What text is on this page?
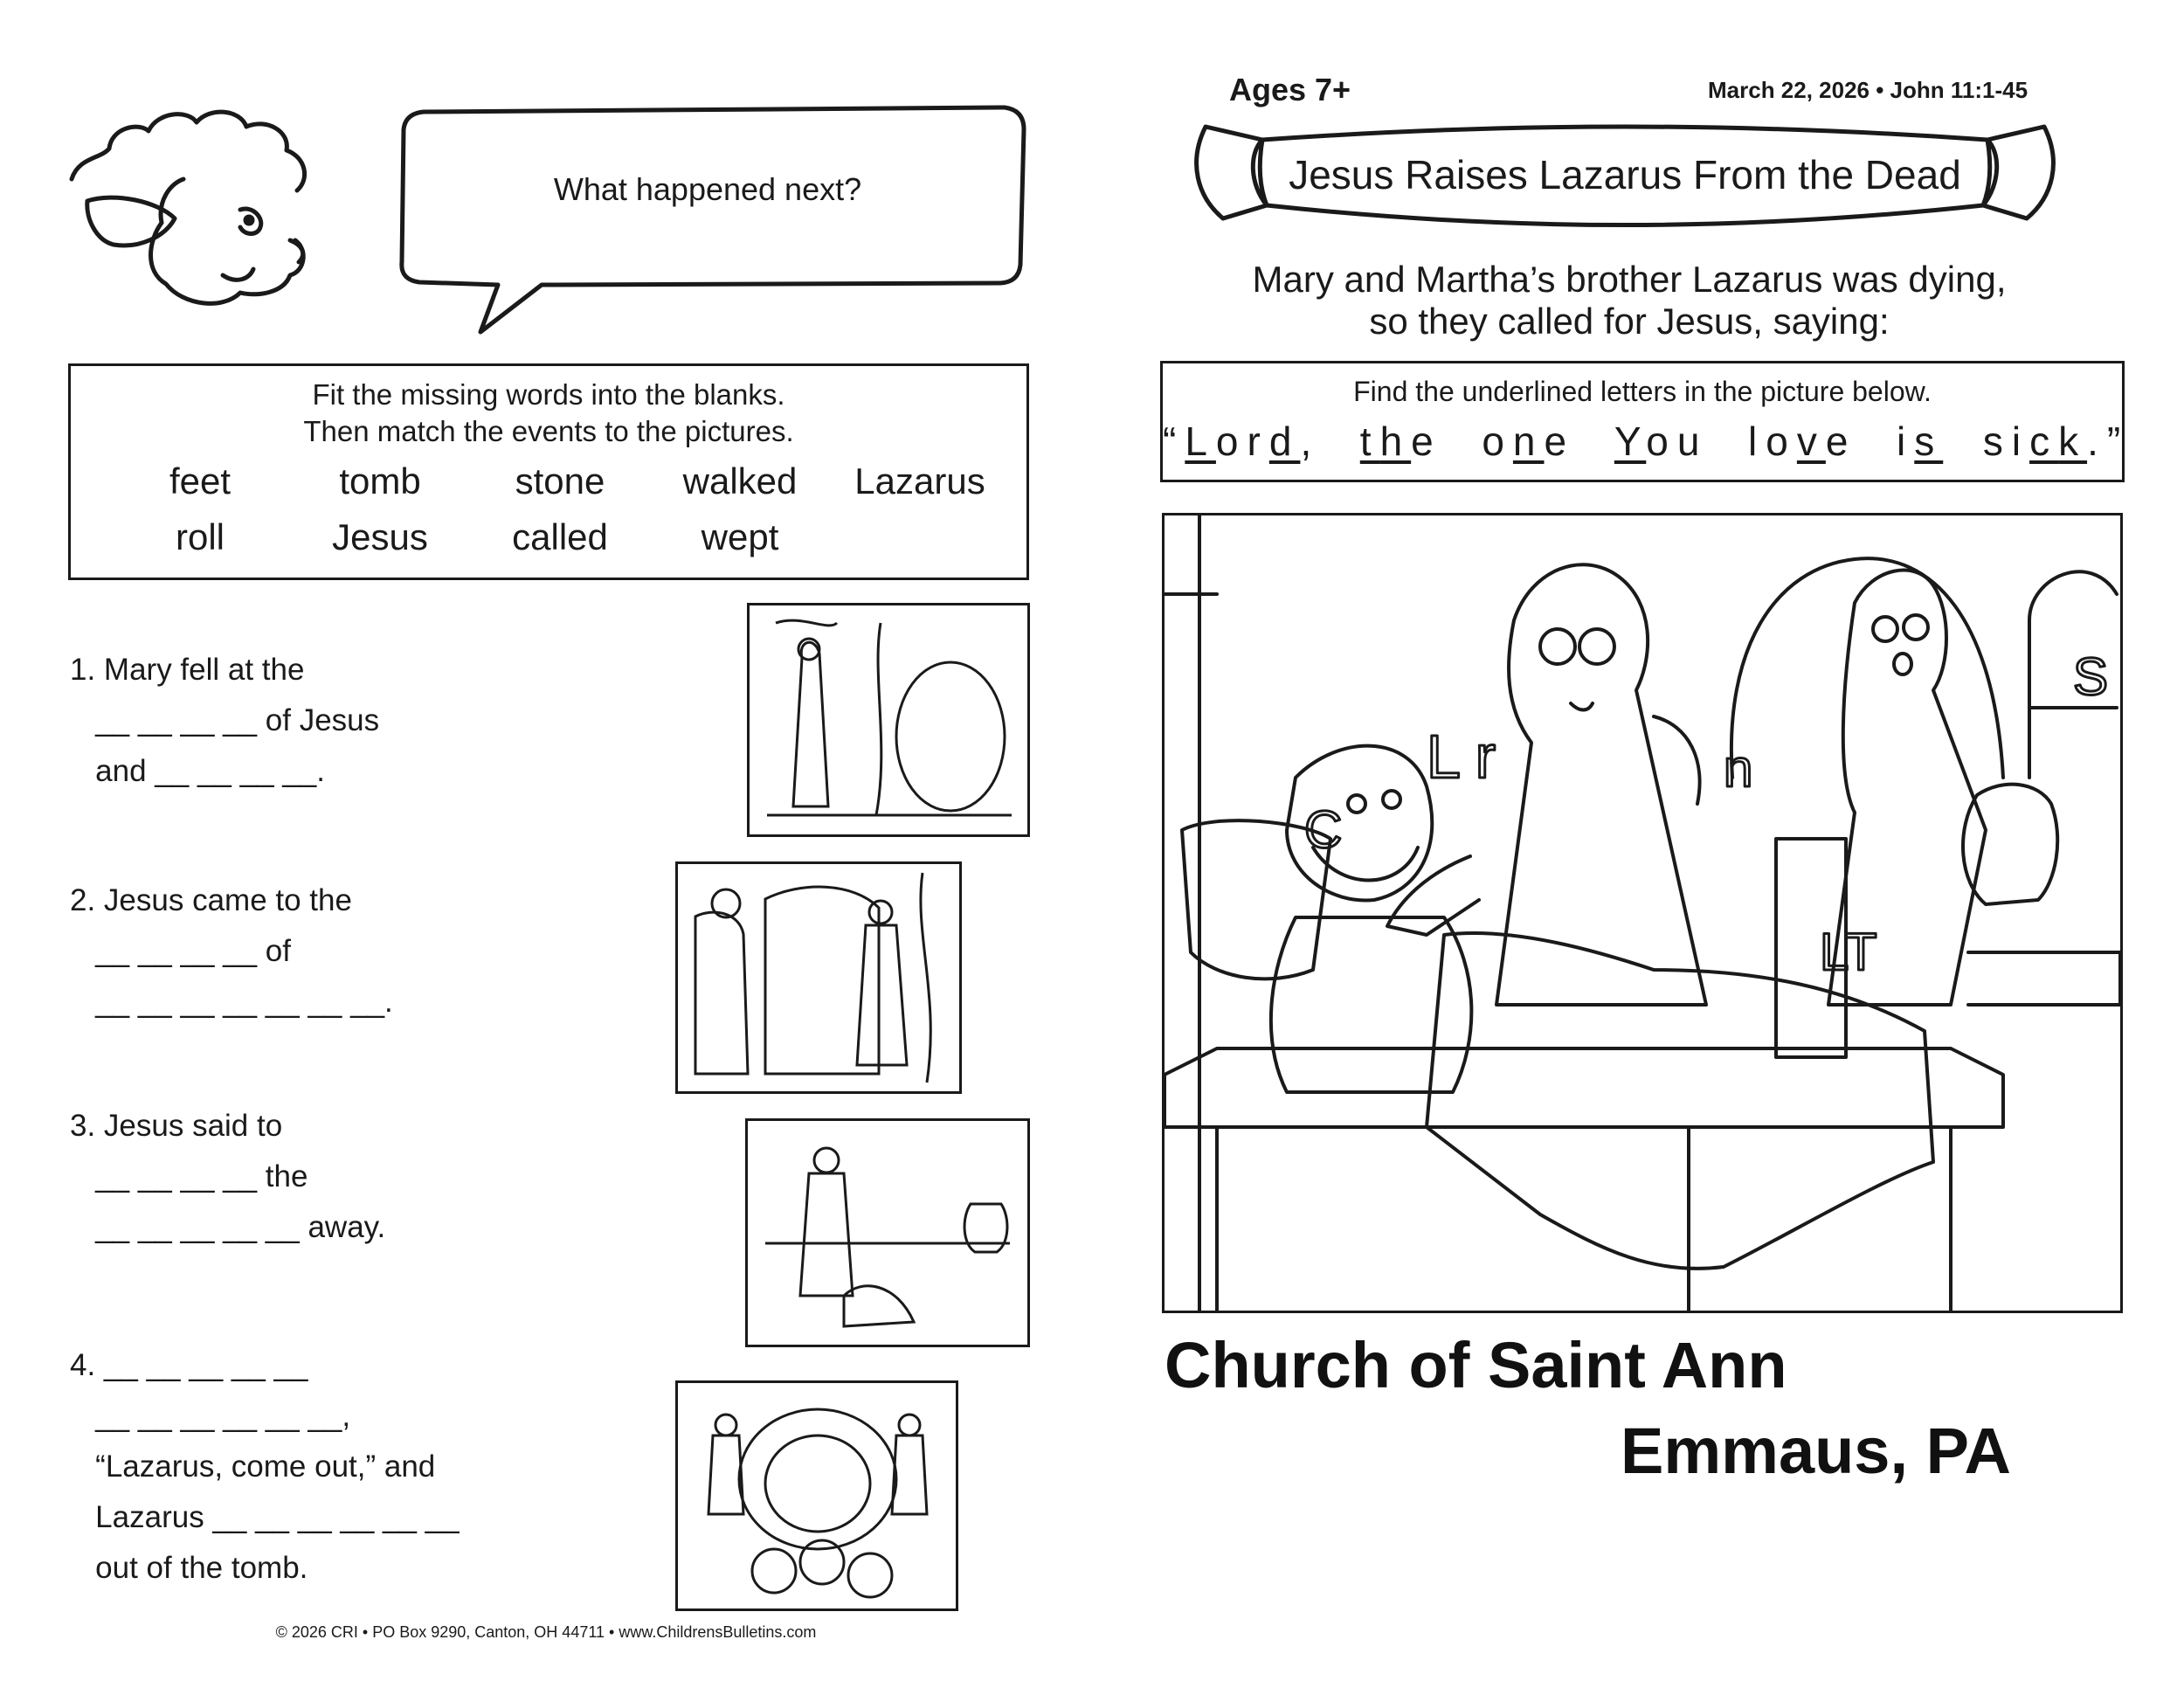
What happened next?
Fit the missing words into the blanks.
Then match the events to the pictures.
feet	tomb	stone	walked	Lazarus
roll	Jesus	called	wept
1. Mary fell at the
__ __ __ __ of Jesus
and __ __ __ __.
2. Jesus came to the
__ __ __ __ of
__ __ __ __ __ __ __.
3. Jesus said to
__ __ __ __ the
__ __ __ __ __ away.
4. __ __ __ __ __
__ __ __ __ __ __,
“Lazarus, come out,” and
Lazarus __ __ __ __ __ __
out of the tomb.
© 2026 CRI • PO Box 9290, Canton, OH 44711 • www.ChildrensBulletins.com
Ages 7+	March 22, 2026 • John 11:1-45
Jesus Raises Lazarus From the Dead
Mary and Martha’s brother Lazarus was dying,
so they called for Jesus, saying:
Find the underlined letters in the picture below.
“Lord,  the one You love is sick.”
L r
C
n
LT
S
Church of Saint Ann
Emmaus, PA
